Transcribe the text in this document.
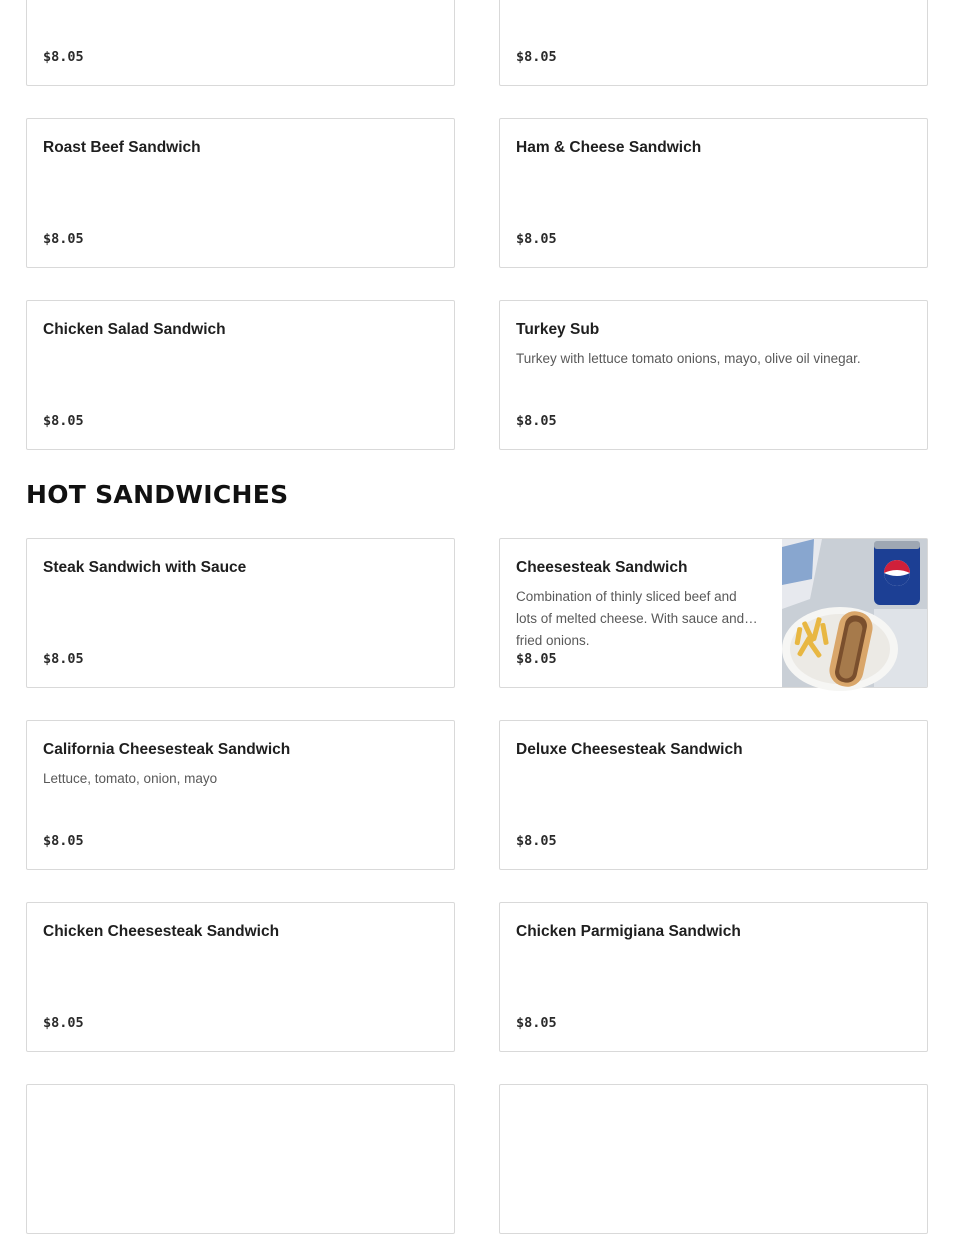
$8.05	$8.05
Roast Beef Sandwich
$8.05
Ham & Cheese Sandwich
$8.05
Chicken Salad Sandwich
$8.05
Turkey Sub
Turkey with lettuce tomato onions, mayo, olive oil vinegar.
$8.05
HOT SANDWICHES
Steak Sandwich with Sauce
$8.05
Cheesesteak Sandwich
Combination of thinly sliced beef and lots of melted cheese. With sauce and fried onions.
$8.05
California Cheesesteak Sandwich
Lettuce, tomato, onion, mayo
$8.05
Deluxe Cheesesteak Sandwich
$8.05
Chicken Cheesesteak Sandwich
$8.05
Chicken Parmigiana Sandwich
$8.05
